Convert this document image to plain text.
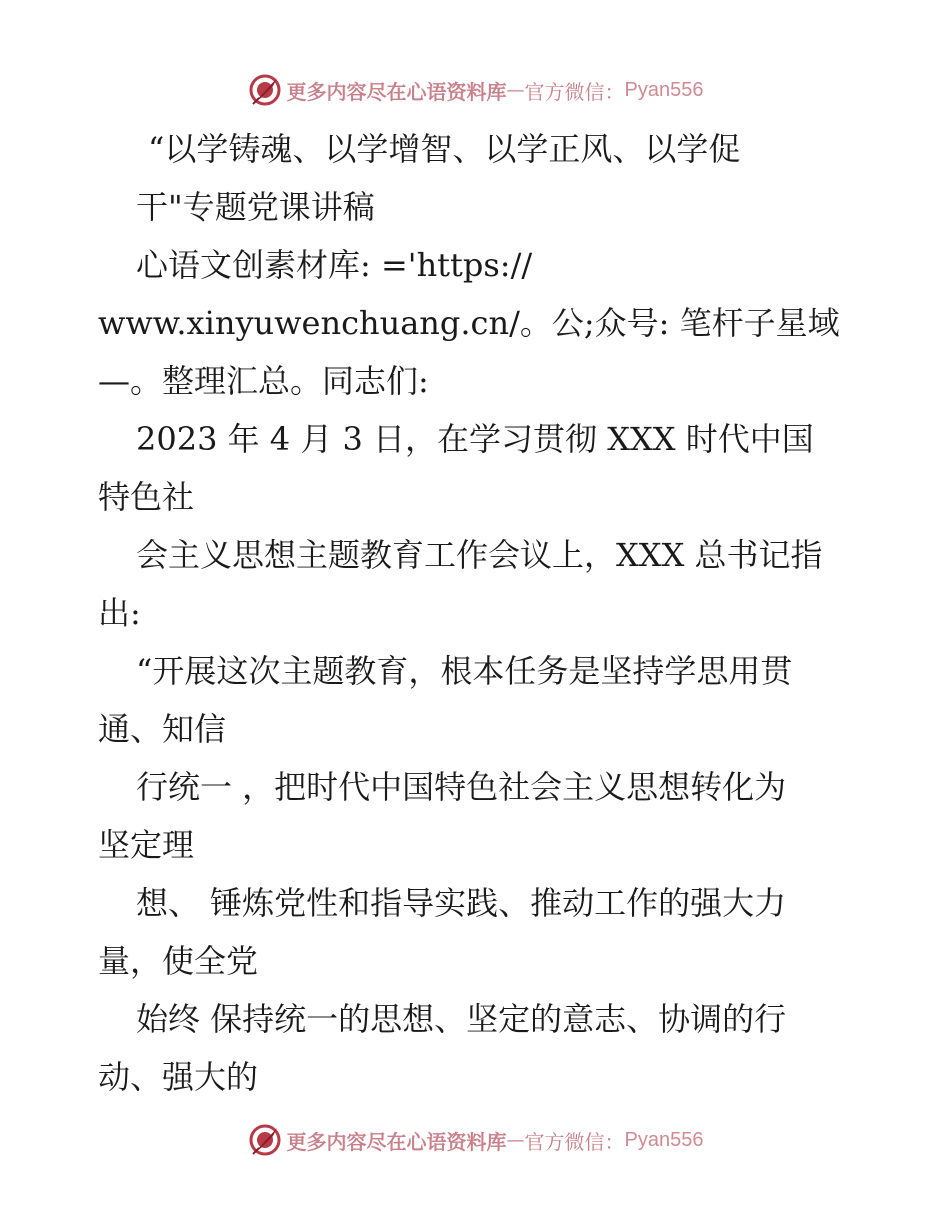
更多内容尽在心语资料库 — 官方微信： Pyan556
“以学铸魂、以学增智、以学正风、以学促
干"专题党课讲稿
心语文创素材库: ='https://
www.xinyuwenchuang.cn/。公;众号: 笔杆子星域
—。整理汇总。同志们:
2023 年 4 月 3 日，在学习贯彻 XXX 时代中国
特色社
会主义思想主题教育工作会议上，XXX 总书记指
出:
“开展这次主题教育，根本任务是坚持学思用贯
通、知信
行统一 ，把时代中国特色社会主义思想转化为
坚定理
想、 锤炼党性和指导实践、推动工作的强大力
量，使全党
始终 保持统一的思想、坚定的意志、协调的行
动、强大的
更多内容尽在心语资料库 — 官方微信： Pyan556
